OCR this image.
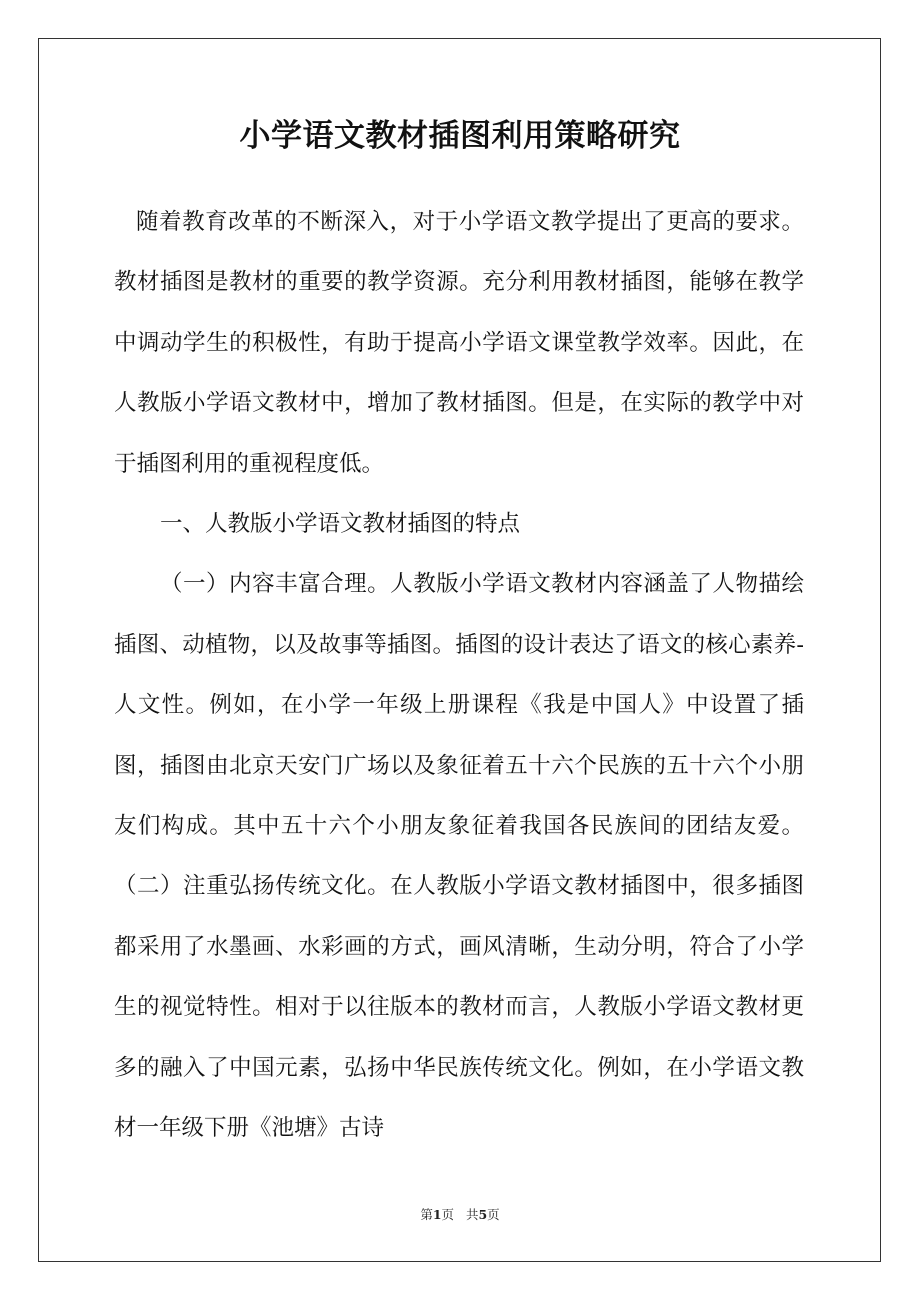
小学语文教材插图利用策略研究

随着教育改革的不断深入，对于小学语文教学提出了更高的要求。教材插图是教材的重要的教学资源。充分利用教材插图，能够在教学中调动学生的积极性，有助于提高小学语文课堂教学效率。因此，在人教版小学语文教材中，增加了教材插图。但是，在实际的教学中对于插图利用的重视程度低。

一、人教版小学语文教材插图的特点

（一）内容丰富合理。人教版小学语文教材内容涵盖了人物描绘插图、动植物，以及故事等插图。插图的设计表达了语文的核心素养-人文性。例如，在小学一年级上册课程《我是中国人》中设置了插图，插图由北京天安门广场以及象征着五十六个民族的五十六个小朋友们构成。其中五十六个小朋友象征着我国各民族间的团结友爱。（二）注重弘扬传统文化。在人教版小学语文教材插图中，很多插图都采用了水墨画、水彩画的方式，画风清晰，生动分明，符合了小学生的视觉特性。相对于以往版本的教材而言，人教版小学语文教材更多的融入了中国元素，弘扬中华民族传统文化。例如，在小学语文教材一年级下册《池塘》古诗

第1页   共5页
